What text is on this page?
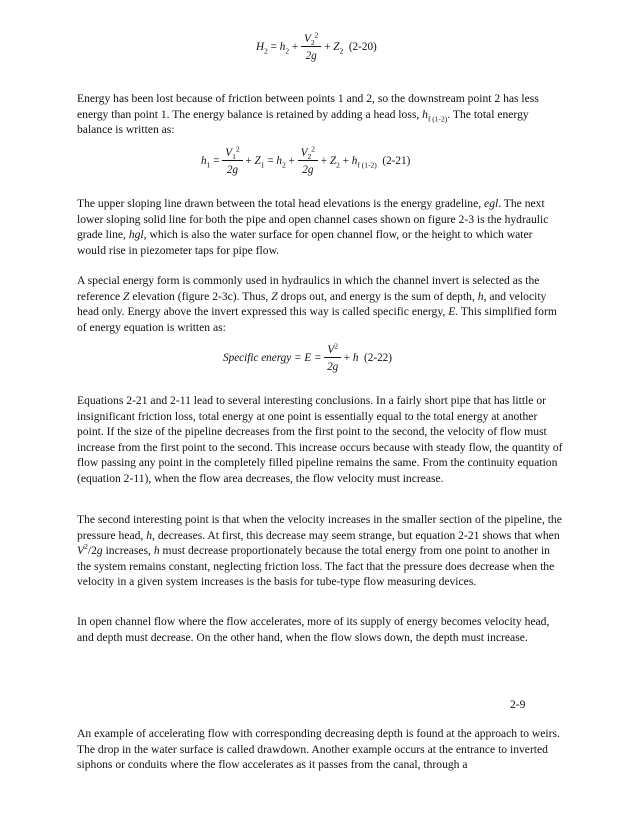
$H_2 = h_2 + \frac{V_2^2}{2g} + Z_2$ (2-20)

Energy has been lost because of friction between points 1 and 2, so the downstream point 2 has less energy than point 1. The energy balance is retained by adding a head loss, $h_{f (1-2)}$. The total energy balance is written as:

$h_1 = \frac{V_1^2}{2g} + Z_1 = h_2 + \frac{V_2^2}{2g} + Z_2 + h_{f (1-2)}$ (2-21)

The upper sloping line drawn between the total head elevations is the energy gradeline, egl. The next lower sloping solid line for both the pipe and open channel cases shown on figure 2-3 is the hydraulic grade line, hgl, which is also the water surface for open channel flow, or the height to which water would rise in piezometer taps for pipe flow.

A special energy form is commonly used in hydraulics in which the channel invert is selected as the reference Z elevation (figure 2-3c). Thus, Z drops out, and energy is the sum of depth, h, and velocity head only. Energy above the invert expressed this way is called specific energy, E. This simplified form of energy equation is written as:

Specific energy = $E = \frac{V^2}{2g} + h$ (2-22)

Equations 2-21 and 2-11 lead to several interesting conclusions. In a fairly short pipe that has little or insignificant friction loss, total energy at one point is essentially equal to the total energy at another point. If the size of the pipeline decreases from the first point to the second, the velocity of flow must increase from the first point to the second. This increase occurs because with steady flow, the quantity of flow passing any point in the completely filled pipeline remains the same. From the continuity equation (equation 2-11), when the flow area decreases, the flow velocity must increase.

The second interesting point is that when the velocity increases in the smaller section of the pipeline, the pressure head, h, decreases. At first, this decrease may seem strange, but equation 2-21 shows that when $V^2/2g$ increases, h must decrease proportionately because the total energy from one point to another in the system remains constant, neglecting friction loss. The fact that the pressure does decrease when the velocity in a given system increases is the basis for tube-type flow measuring devices.

In open channel flow where the flow accelerates, more of its supply of energy becomes velocity head, and depth must decrease. On the other hand, when the flow slows down, the depth must increase.

2-9

An example of accelerating flow with corresponding decreasing depth is found at the approach to weirs. The drop in the water surface is called drawdown. Another example occurs at the entrance to inverted siphons or conduits where the flow accelerates as it passes from the canal, through a
